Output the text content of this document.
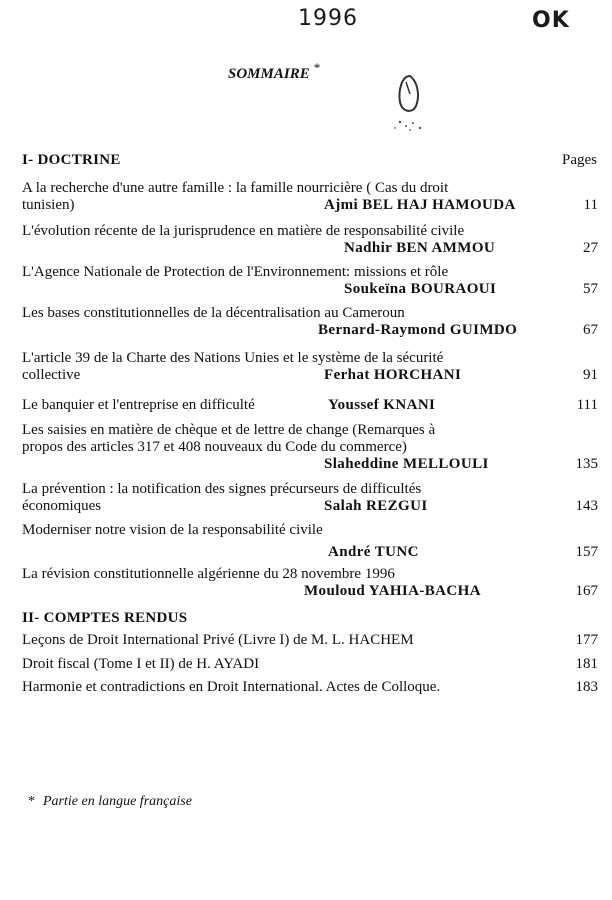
1996	OK
SOMMAIRE *
I- DOCTRINE	Pages
A la recherche d'une autre famille : la famille nourricière ( Cas du droit
tunisien)	Ajmi BEL HAJ HAMOUDA	11
L'évolution récente de la jurisprudence en matière de responsabilité civile
Nadhir BEN AMMOU	27
L'Agence Nationale de Protection de l'Environnement: missions et rôle
Soukeïna BOURAOUI	57
Les bases constitutionnelles de la décentralisation au Cameroun
Bernard-Raymond GUIMDO	67
L'article 39 de la Charte des Nations Unies et le système de la sécurité
collective	Ferhat HORCHANI	91
Le banquier et l'entreprise en difficulté	Youssef KNANI	111
Les saisies en matière de chèque et de lettre de change (Remarques à
propos des articles 317 et 408 nouveaux du Code du commerce)
Slaheddine MELLOULI	135
La prévention : la notification des signes précurseurs de difficultés
économiques	Salah REZGUI	143
Moderniser notre vision de la responsabilité civile
André TUNC	157
La révision constitutionnelle algérienne du 28 novembre 1996
Mouloud YAHIA-BACHA	167
II- COMPTES RENDUS
Leçons de Droit International Privé (Livre I) de M. L. HACHEM	177
Droit fiscal (Tome I et II) de H. AYADI	181
Harmonie et contradictions en Droit International. Actes de Colloque.	183
* Partie en langue française
